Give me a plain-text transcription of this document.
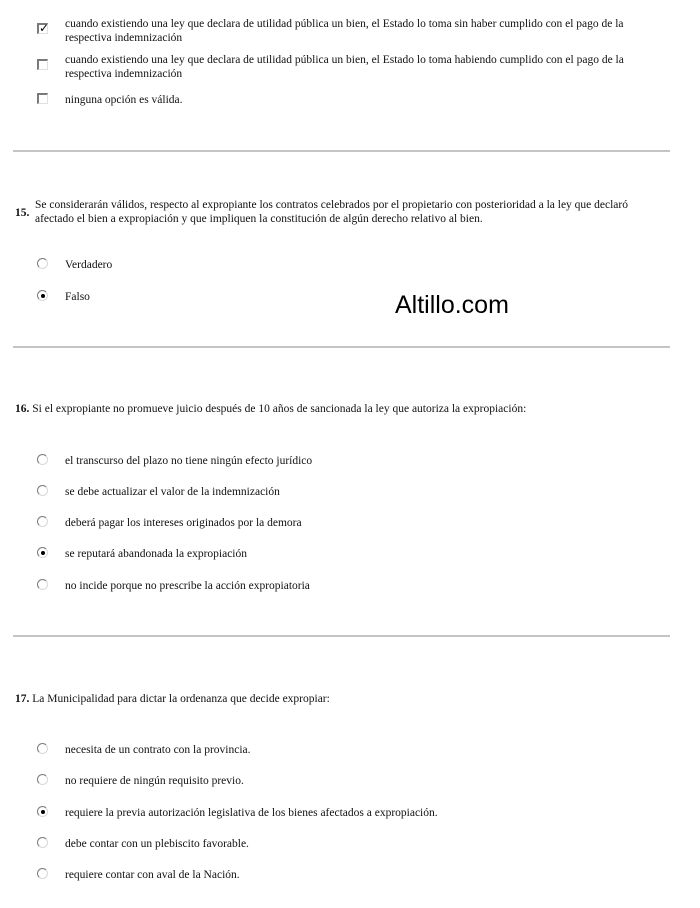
✓ cuando existiendo una ley que declara de utilidad pública un bien, el Estado lo toma sin haber cumplido con el pago de la respectiva indemnización
cuando existiendo una ley que declara de utilidad pública un bien, el Estado lo toma habiendo cumplido con el pago de la respectiva indemnización
ninguna opción es válida.
15.
Se considerarán válidos, respecto al expropiante los contratos celebrados por el propietario con posterioridad a la ley que declaró afectado el bien a expropiación y que impliquen la constitución de algún derecho relativo al bien.
Verdadero
Falso	Altillo.com
16. Si el expropiante no promueve juicio después de 10 años de sancionada la ley que autoriza la expropiación:
el transcurso del plazo no tiene ningún efecto jurídico
se debe actualizar el valor de la indemnización
deberá pagar los intereses originados por la demora
se reputará abandonada la expropiación
no incide porque no prescribe la acción expropiatoria
17. La Municipalidad para dictar la ordenanza que decide expropiar:
necesita de un contrato con la provincia.
no requiere de ningún requisito previo.
requiere la previa autorización legislativa de los bienes afectados a expropiación.
debe contar con un plebiscito favorable.
requiere contar con aval de la Nación.
